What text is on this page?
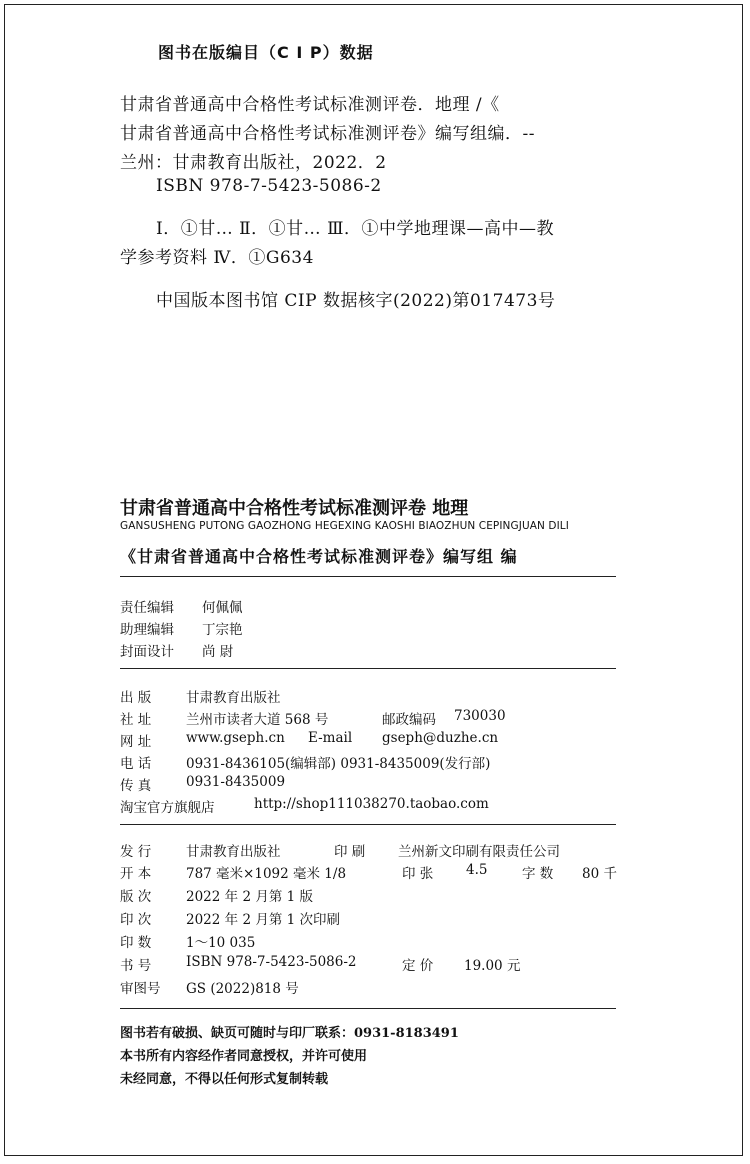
图书在版编目（C I P）数据
甘肃省普通高中合格性考试标准测评卷．地理 /《
甘肃省普通高中合格性考试标准测评卷》编写组编．--
兰州：甘肃教育出版社，2022．2
ISBN 978-7-5423-5086-2
Ⅰ．①甘… Ⅱ．①甘… Ⅲ．①中学地理课—高中—教
学参考资料 Ⅳ．①G634
中国版本图书馆 CIP 数据核字(2022)第017473号
甘肃省普通高中合格性考试标准测评卷 地理
GANSUSHENG PUTONG GAOZHONG HEGEXING KAOSHI BIAOZHUN CEPINGJUAN DILI
《甘肃省普通高中合格性考试标准测评卷》编写组 编
责任编辑 何佩佩
助理编辑 丁宗艳
封面设计 尚 尉
出 版	甘肃教育出版社
社 址	兰州市读者大道 568 号	邮政编码 730030
网 址	www.gseph.cn E-mail gseph@duzhe.cn
电 话	0931-8436105(编辑部) 0931-8435009(发行部)
传 真	0931-8435009
淘宝官方旗舰店	http://shop111038270.taobao.com
发 行	甘肃教育出版社	印 刷 兰州新文印刷有限责任公司
开 本	787 毫米×1092 毫米 1/8	印 张 4.5	字 数 80 千
版 次	2022 年 2 月第 1 版
印 次	2022 年 2 月第 1 次印刷
印 数	1～10 035
书 号	ISBN 978-7-5423-5086-2	定 价 19.00 元
审图号 GS (2022)818 号
图书若有破损、缺页可随时与印厂联系：0931-8183491
本书所有内容经作者同意授权，并许可使用
未经同意，不得以任何形式复制转载
